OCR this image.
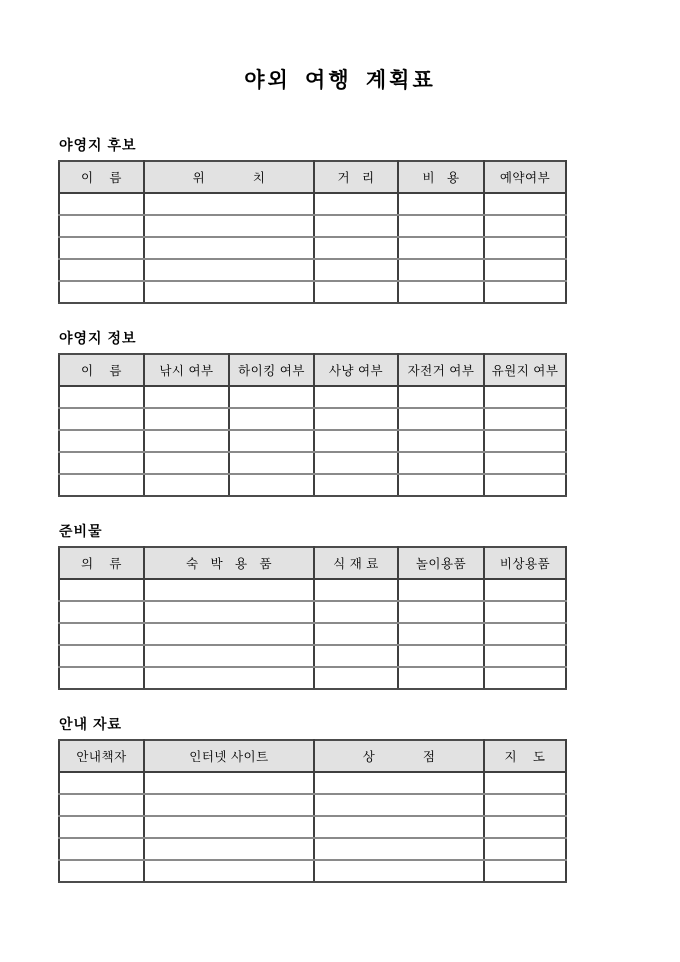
야외 여행 계획표
야영지 후보
이    름	위            치	거   리	비   용	예약여부

야영지 정보
이    름	낚시 여부	하이킹 여부	사냥 여부	자전거 여부	유원지 여부

준비물
의    류	숙   박   용   품	식 재 료	놀이용품	비상용품

안내 자료
안내책자	인터넷 사이트	상            점	지    도
